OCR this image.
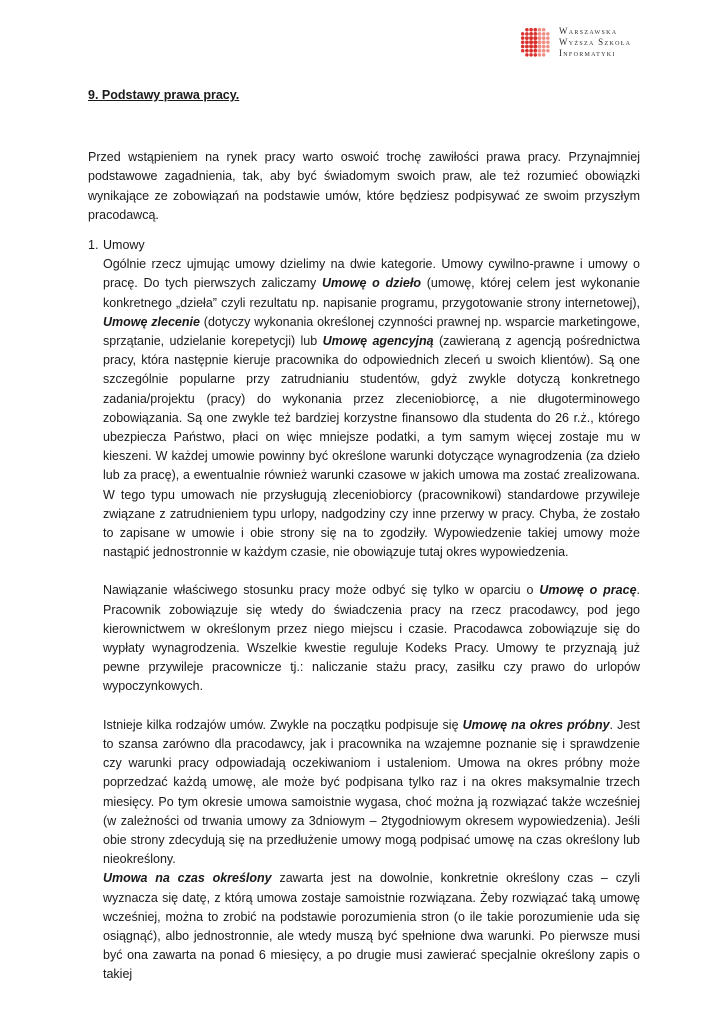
Warszawska
Wyższa Szkoła
Informatyki

9. Podstawy prawa pracy.

Przed wstąpieniem na rynek pracy warto oswoić trochę zawiłości prawa pracy. Przynajmniej podstawowe zagadnienia, tak, aby być świadomym swoich praw, ale też rozumieć obowiązki wynikające ze zobowiązań na podstawie umów, które będziesz podpisywać ze swoim przyszłym pracodawcą.

1. Umowy

Ogólnie rzecz ujmując umowy dzielimy na dwie kategorie. Umowy cywilno-prawne i umowy o pracę. Do tych pierwszych zaliczamy Umowę o dzieło (umowę, której celem jest wykonanie konkretnego „dzieła” czyli rezultatu np. napisanie programu, przygotowanie strony internetowej), Umowę zlecenie (dotyczy wykonania określonej czynności prawnej np. wsparcie marketingowe, sprzątanie, udzielanie korepetycji) lub Umowę agencyjną (zawieraną z agencją pośrednictwa pracy, która następnie kieruje pracownika do odpowiednich zleceń u swoich klientów). Są one szczególnie popularne przy zatrudnianiu studentów, gdyż zwykle dotyczą konkretnego zadania/projektu (pracy) do wykonania przez zleceniobiorcę, a nie długoterminowego zobowiązania. Są one zwykle też bardziej korzystne finansowo dla studenta do 26 r.ż., którego ubezpiecza Państwo, płaci on więc mniejsze podatki, a tym samym więcej zostaje mu w kieszeni. W każdej umowie powinny być określone warunki dotyczące wynagrodzenia (za dzieło lub za pracę), a ewentualnie również warunki czasowe w jakich umowa ma zostać zrealizowana. W tego typu umowach nie przysługują zleceniobiorcy (pracownikowi) standardowe przywileje związane z zatrudnieniem typu urlopy, nadgodziny czy inne przerwy w pracy. Chyba, że zostało to zapisane w umowie i obie strony się na to zgodziły. Wypowiedzenie takiej umowy może nastąpić jednostronnie w każdym czasie, nie obowiązuje tutaj okres wypowiedzenia.

Nawiązanie właściwego stosunku pracy może odbyć się tylko w oparciu o Umowę o pracę. Pracownik zobowiązuje się wtedy do świadczenia pracy na rzecz pracodawcy, pod jego kierownictwem w określonym przez niego miejscu i czasie. Pracodawca zobowiązuje się do wypłaty wynagrodzenia. Wszelkie kwestie reguluje Kodeks Pracy. Umowy te przyznają już pewne przywileje pracownicze tj.: naliczanie stażu pracy, zasiłku czy prawo do urlopów wypoczynkowych.

Istnieje kilka rodzajów umów. Zwykle na początku podpisuje się Umowę na okres próbny. Jest to szansa zarówno dla pracodawcy, jak i pracownika na wzajemne poznanie się i sprawdzenie czy warunki pracy odpowiadają oczekiwaniom i ustaleniom. Umowa na okres próbny może poprzedzać każdą umowę, ale może być podpisana tylko raz i na okres maksymalnie trzech miesięcy. Po tym okresie umowa samoistnie wygasa, choć można ją rozwiązać także wcześniej (w zależności od trwania umowy za 3dniowym – 2tygodniowym okresem wypowiedzenia). Jeśli obie strony zdecydują się na przedłużenie umowy mogą podpisać umowę na czas określony lub nieokreślony.

Umowa na czas określony zawarta jest na dowolnie, konkretnie określony czas – czyli wyznacza się datę, z którą umowa zostaje samoistnie rozwiązana. Żeby rozwiązać taką umowę wcześniej, można to zrobić na podstawie porozumienia stron (o ile takie porozumienie uda się osiągnąć), albo jednostronnie, ale wtedy muszą być spełnione dwa warunki. Po pierwsze musi być ona zawarta na ponad 6 miesięcy, a po drugie musi zawierać specjalnie określony zapis o takiej
